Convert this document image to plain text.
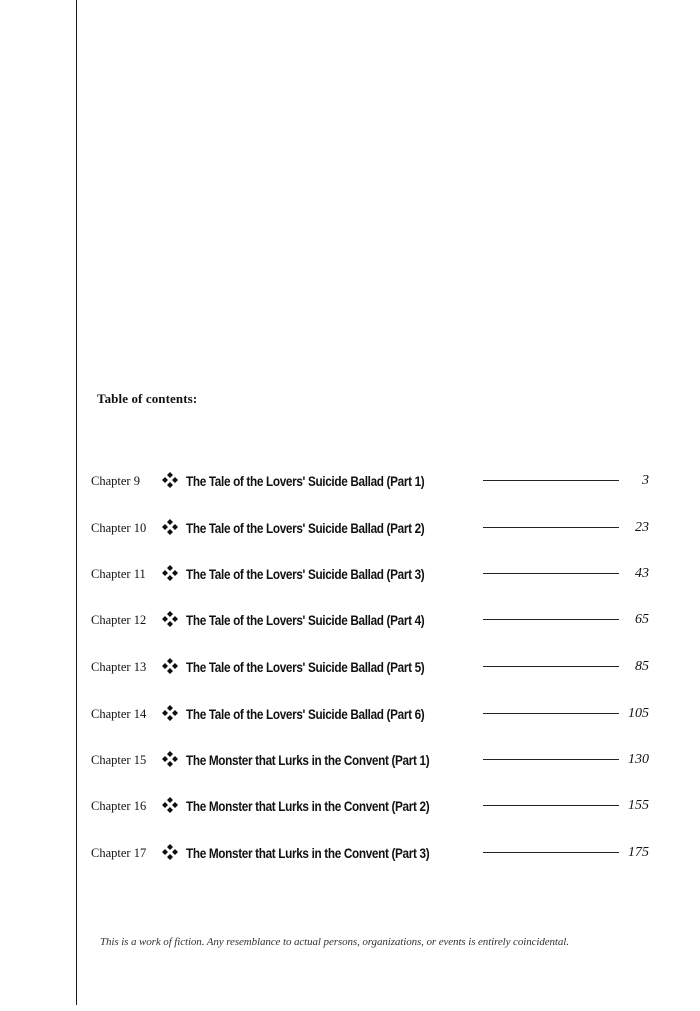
Table of contents:
Chapter 9	The Tale of the Lovers' Suicide Ballad (Part 1)	3
Chapter 10	The Tale of the Lovers' Suicide Ballad (Part 2)	23
Chapter 11	The Tale of the Lovers' Suicide Ballad (Part 3)	43
Chapter 12	The Tale of the Lovers' Suicide Ballad (Part 4)	65
Chapter 13	The Tale of the Lovers' Suicide Ballad (Part 5)	85
Chapter 14	The Tale of the Lovers' Suicide Ballad (Part 6)	105
Chapter 15	The Monster that Lurks in the Convent (Part 1)	130
Chapter 16	The Monster that Lurks in the Convent (Part 2)	155
Chapter 17	The Monster that Lurks in the Convent (Part 3)	175
This is a work of fiction. Any resemblance to actual persons, organizations, or events is entirely coincidental.
